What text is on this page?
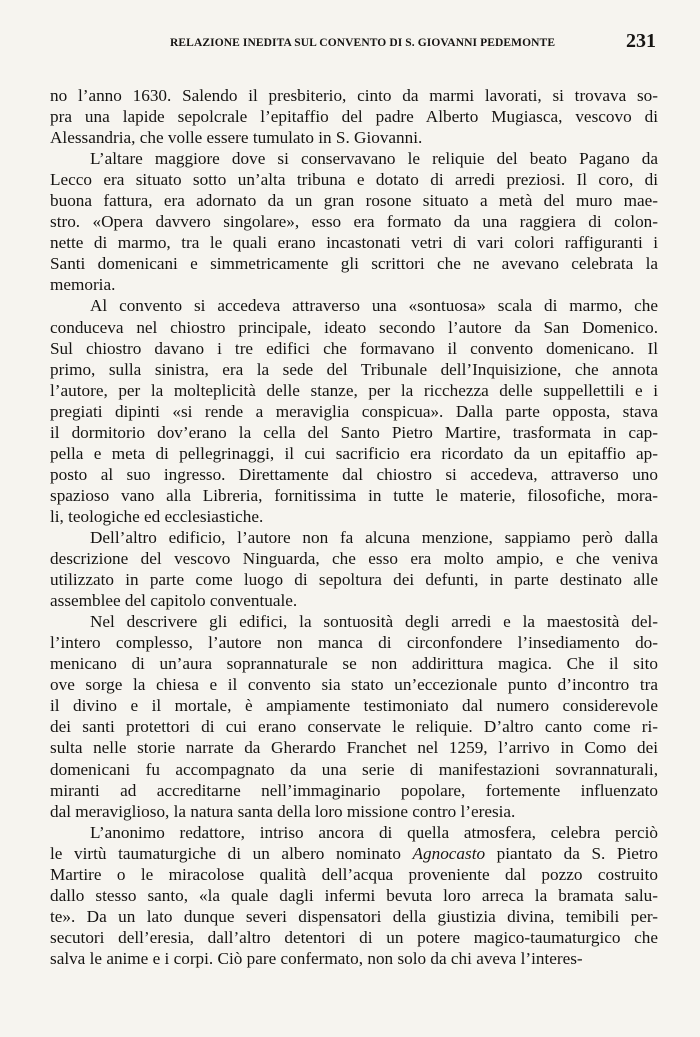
RELAZIONE INEDITA SUL CONVENTO DI S. GIOVANNI PEDEMONTE	231
no l’anno 1630. Salendo il presbiterio, cinto da marmi lavorati, si trovava so-
pra una lapide sepolcrale l’epitaffio del padre Alberto Mugiasca, vescovo di
Alessandria, che volle essere tumulato in S. Giovanni.
L’altare maggiore dove si conservavano le reliquie del beato Pagano da
Lecco era situato sotto un’alta tribuna e dotato di arredi preziosi. Il coro, di
buona fattura, era adornato da un gran rosone situato a metà del muro mae-
stro. «Opera davvero singolare», esso era formato da una raggiera di colon-
nette di marmo, tra le quali erano incastonati vetri di vari colori raffiguranti i
Santi domenicani e simmetricamente gli scrittori che ne avevano celebrata la
memoria.
Al convento si accedeva attraverso una «sontuosa» scala di marmo, che
conduceva nel chiostro principale, ideato secondo l’autore da San Domenico.
Sul chiostro davano i tre edifici che formavano il convento domenicano. Il
primo, sulla sinistra, era la sede del Tribunale dell’Inquisizione, che annota
l’autore, per la molteplicità delle stanze, per la ricchezza delle suppellettili e i
pregiati dipinti «si rende a meraviglia conspicua». Dalla parte opposta, stava
il dormitorio dov’erano la cella del Santo Pietro Martire, trasformata in cap-
pella e meta di pellegrinaggi, il cui sacrificio era ricordato da un epitaffio ap-
posto al suo ingresso. Direttamente dal chiostro si accedeva, attraverso uno
spazioso vano alla Libreria, fornitissima in tutte le materie, filosofiche, mora-
li, teologiche ed ecclesiastiche.
Dell’altro edificio, l’autore non fa alcuna menzione, sappiamo però dalla
descrizione del vescovo Ninguarda, che esso era molto ampio, e che veniva
utilizzato in parte come luogo di sepoltura dei defunti, in parte destinato alle
assemblee del capitolo conventuale.
Nel descrivere gli edifici, la sontuosità degli arredi e la maestosità del-
l’intero complesso, l’autore non manca di circonfondere l’insediamento do-
menicano di un’aura soprannaturale se non addirittura magica. Che il sito
ove sorge la chiesa e il convento sia stato un’eccezionale punto d’incontro tra
il divino e il mortale, è ampiamente testimoniato dal numero considerevole
dei santi protettori di cui erano conservate le reliquie. D’altro canto come ri-
sulta nelle storie narrate da Gherardo Franchet nel 1259, l’arrivo in Como dei
domenicani fu accompagnato da una serie di manifestazioni sovrannaturali,
miranti ad accreditarne nell’immaginario popolare, fortemente influenzato
dal meraviglioso, la natura santa della loro missione contro l’eresia.
L’anonimo redattore, intriso ancora di quella atmosfera, celebra perciò
le virtù taumaturgiche di un albero nominato Agnocasto piantato da S. Pietro
Martire o le miracolose qualità dell’acqua proveniente dal pozzo costruito
dallo stesso santo, «la quale dagli infermi bevuta loro arreca la bramata salu-
te». Da un lato dunque severi dispensatori della giustizia divina, temibili per-
secutori dell’eresia, dall’altro detentori di un potere magico-taumaturgico che
salva le anime e i corpi. Ciò pare confermato, non solo da chi aveva l’interes-
